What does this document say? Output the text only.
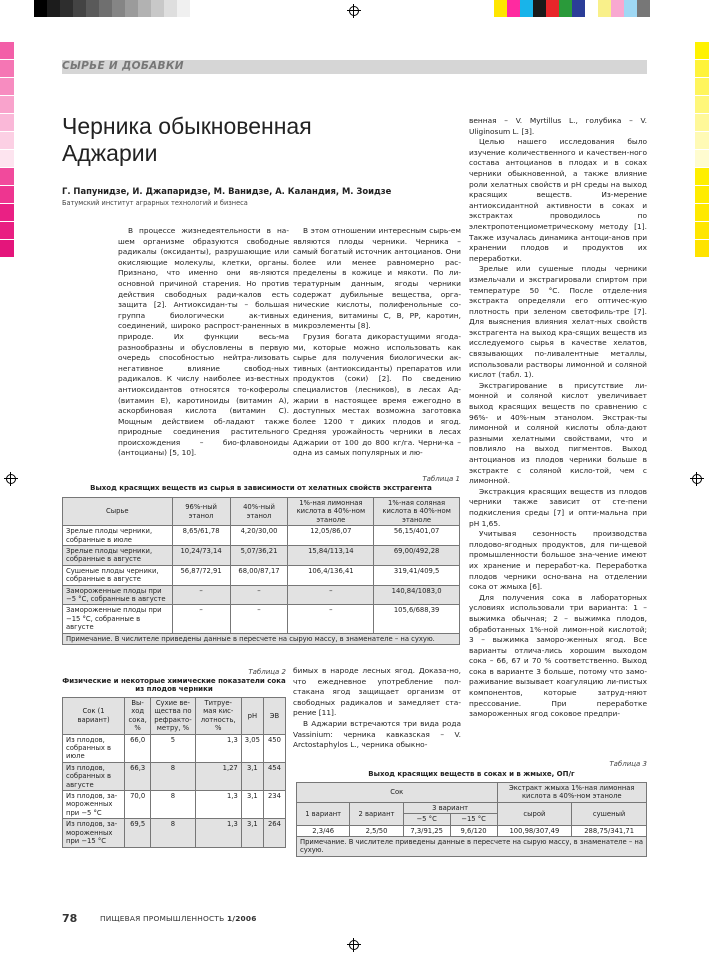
СЫРЬЕ И ДОБАВКИ
Черника обыкновенная Аджарии
Г. Папунидзе, И. Джапаридзе, М. Ванидзе, А. Каландия, М. Зоидзе
Батумский институт аграрных технологий и бизнеса

В процессе жизнедеятельности в на-шем организме образуются свободные радикалы (оксиданты), разрушающие или окисляющие молекулы, клетки, органы. Признано, что именно они яв-ляются основной причиной старения. Но против действия свободных ради-калов есть защита [2]. Антиоксидан-ты – большая группа биологически ак-тивных соединений, широко распрост-раненных в природе. Их функции весь-ма разнообразны и обусловлены в первую очередь способностью нейтра-лизовать негативное влияние свобод-ных радикалов. К числу наиболее из-вестных антиоксидантов относятся то-коферолы (витамин Е), каротиноиды (витамин А), аскорбиновая кислота (витамин С). Мощным действием об-ладают также природные соединения растительного происхождения – био-флавоноиды (антоцианы) [5, 10].

В этом отношении интересным сырь-ем являются плоды черники. Черника – самый богатый источник антоцианов. Они более или менее равномерно рас-пределены в кожице и мякоти. По ли-тературным данным, ягоды черники содержат дубильные вещества, орга-нические кислоты, полифенольные со-единения, витамины С, В, РР, каротин, микроэлементы [8].

Грузия богата дикорастущими ягода-ми, которые можно использовать как сырье для получения биологически ак-тивных (антиоксиданты) препаратов или продуктов (соки) [2]. По сведению специалистов (лесников), в лесах Ад-жарии в настоящее время ежегодно в доступных местах возможна заготовка более 1200 т диких плодов и ягод. Средняя урожайность черники в лесах Аджарии от 100 до 800 кг/га. Черни-ка – одна из самых популярных и лю-

венная – V. Myrtillus L., голубика – V. Uliginosum L. [3].

Целью нашего исследования было изучение количественного и качествен-ного состава антоцианов в плодах и в соках черники обыкновенной, а также влияние роли хелатных свойств и pH среды на выход красящих веществ. Из-мерение антиоксидантной активности в соках и экстрактах проводилось по электропотенциометрическому методу [1]. Также изучалась динамика антоци-анов при хранении плодов и продуктов их переработки.

Зрелые или сушеные плоды черники измельчали и экстрагировали спиртом при температуре 50 °С. После отделе-ния экстракта определяли его оптичес-кую плотность при зеленом светофиль-тре [7]. Для выяснения влияния хелат-ных свойств экстрагента на выход кра-сящих веществ из исследуемого сырья в качестве хелатов, связывающих по-ливалентные металлы, использовали растворы лимонной и соляной кислот (табл. 1).

Экстрагирование в присутствие ли-монной и соляной кислот увеличивает выход красящих веществ по сравнению с 96%- и 40%-ным этанолом. Экстрак-ты лимонной и соляной кислоты обла-дают разными хелатными свойствами, что и повлияло на выход пигментов. Выход антоцианов из плодов черники больше в экстракте с соляной кисло-той, чем с лимонной.

Экстракция красящих веществ из плодов черники также зависит от сте-пени подкисления среды [7] и опти-мальна при pH 1,65.

Учитывая сезонность производства плодово-ягодных продуктов, для пи-щевой промышленности большое зна-чение имеют их хранение и переработ-ка. Переработка плодов черники осно-вана на отделении сока от жмыха [6].

Для получения сока в лабораторных условиях использовали три варианта: 1 – выжимка обычная; 2 – выжимка плодов, обработанных 1%-ной лимон-ной кислотой; 3 – выжимка заморо-женных ягод. Все варианты отлича-лись хорошим выходом сока – 66, 67 и 70 % соответственно. Выход сока в варианте 3 больше, потому что замо-раживание вызывает коагуляцию ли-пистых компонентов, которые затруд-няют прессование. При переработке замороженных ягод соковое предпри-

Таблица 1
Выход красящих веществ из сырья в зависимости от хелатных свойств экстрагента
Сырье	96%-ный этанол	40%-ный этанол	1%-ная лимонная кислота в 40%-ном этаноле	1%-ная соляная кислота в 40%-ном этаноле
Зрелые плоды черники, собранные в июле	8,65/61,78	4,20/30,00	12,05/86,07	56,15/401,07
Зрелые плоды черники, собранные в августе	10,24/73,14	5,07/36,21	15,84/113,14	69,00/492,28
Сушеные плоды черники, собранные в августе	56,87/72,91	68,00/87,17	106,4/136,41	319,41/409,5
Замороженные плоды при −5 °С, собранные в августе	–	–	–	140,84/1083,0
Замороженные плоды при −15 °С, собранные в августе	–	–	–	105,6/688,39
Примечание. В числителе приведены данные в пересчете на сырую массу, в знаменателе – на сухую.				
Таблица 2
Физические и некоторые химические показатели сока из плодов черники
Сок (1 вариант)	Вы-ход сока, %	Сухие ве-щества по рефракто-метру, %	Титруе-мая кис-лотность, %	pH	ЭВ
Из плодов, собранных в июле	66,0	5	1,3	3,05	450
Из плодов, собранных в августе	66,3	8	1,27	3,1	454
Из плодов, за-мороженных при −5 °С	70,0	8	1,3	3,1	234
Из плодов, за-мороженных при −15 °С	69,5	8	1,3	3,1	264

бимых в народе лесных ягод. Доказа-но, что ежедневное употребление пол-стакана ягод защищает организм от свободных радикалов и замедляет ста-рение [11].

В Аджарии встречаются три вида рода Vassinium: черника кавказская – V. Arctostaphylos L., черника обыкно-

Таблица 3
Выход красящих веществ в соках и в жмыхе, ОП/г
Сок				Экстракт жмыха 1%-ная лимонная кислота в 40%-ном этаноле	
1 вариант	2 вариант	3 вариант		сырой	сушеный
		−5 °С	−15 °С		
2,3/46	2,5/50	7,3/91,25	9,6/120	100,98/307,49	288,75/341,71
Примечание. В числителе приведены данные в пересчете на сырую массу, в знаменателе – на сухую.					
78	ПИЩЕВАЯ ПРОМЫШЛЕННОСТЬ 1/2006
